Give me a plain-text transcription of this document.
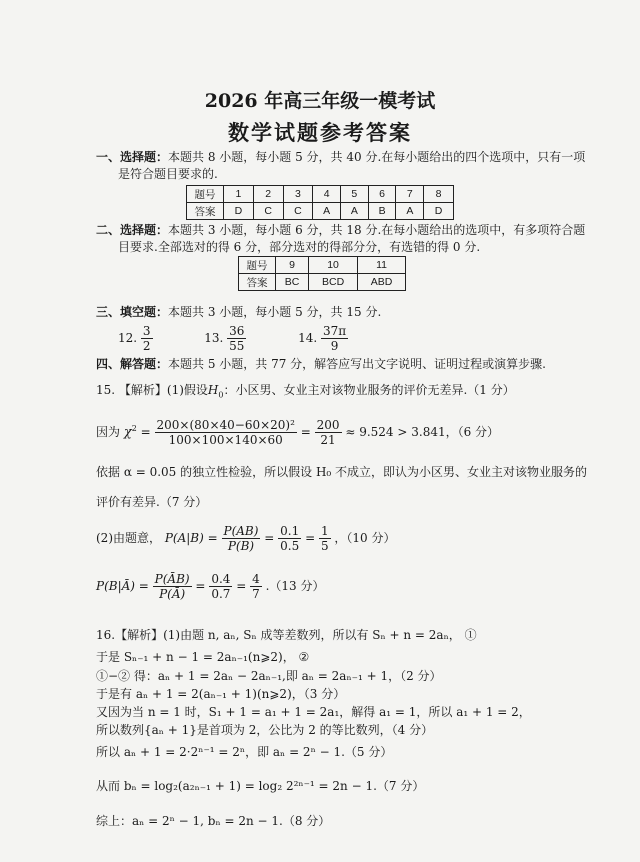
2026 年高三年级一模考试
数学试题参考答案
一、选择题：本题共 8 小题，每小题 5 分，共 40 分.在每小题给出的四个选项中，只有一项
是符合题目要求的.
题号	1	2	3	4	5	6	7	8
答案	D	C	C	A	A	B	A	D
二、选择题：本题共 3 小题，每小题 6 分，共 18 分.在每小题给出的选项中，有多项符合题
目要求.全部选对的得 6 分，部分选对的得部分分，有选错的得 0 分.
题号	9	10	11
答案	BC	BCD	ABD
三、填空题：本题共 3 小题，每小题 5 分，共 15 分.
12. $\frac{3}{2}$	13. $\frac{36}{55}$	14. $\frac{37\pi}{9}$
四、解答题：本题共 5 小题，共 77 分，解答应写出文字说明、证明过程或演算步骤.
15. 【解析】(1)假设$H_0$：小区男、女业主对该物业服务的评价无差异.（1 分）
因为 $\chi^2 = \frac{\text{200×(80×40−60×20)²}}{100\times 100\times 140\times 60} = \frac{200}{21} \approx 9.524 > 3.841$，（6 分）
依据 α = 0.05 的独立性检验，所以假设 H₀ 不成立，即认为小区男、女业主对该物业服务的
评价有差异.（7 分）
(2)由题意， $P(A|B) = \frac{P(AB)}{P(B)} = \frac{0.1}{0.5} = \frac{1}{5}$ ，（10 分）
P(B|Ā) = $\frac{P(ĀB)}{P(Ā)} = \frac{0.4}{0.7} = \frac{4}{7} .(13$ 分）
16.【解析】(1)由题 n, aₙ, Sₙ 成等差数列，所以有 Sₙ + n = 2aₙ， ①
于是 Sₙ₋₁ + n − 1 = 2aₙ₋₁(n⩾2)， ②
①−② 得：aₙ + 1 = 2aₙ − 2aₙ₋₁,即 aₙ = 2aₙ₋₁ + 1，（2 分）
于是有 aₙ + 1 = 2(aₙ₋₁ + 1)(n⩾2)，（3 分）
又因为当 n = 1 时，S₁ + 1 = a₁ + 1 = 2a₁，解得 a₁ = 1，所以 a₁ + 1 = 2，
所以数列{aₙ + 1}是首项为 2，公比为 2 的等比数列，（4 分）
所以 aₙ + 1 = 2·2ⁿ⁻¹ = 2ⁿ，即 aₙ = 2ⁿ − 1.（5 分）
从而 bₙ = log₂(a₂ₙ₋₁ + 1) = log₂ 2²ⁿ⁻¹ = 2n − 1.（7 分）
综上：aₙ = 2ⁿ − 1, bₙ = 2n − 1.（8 分）
